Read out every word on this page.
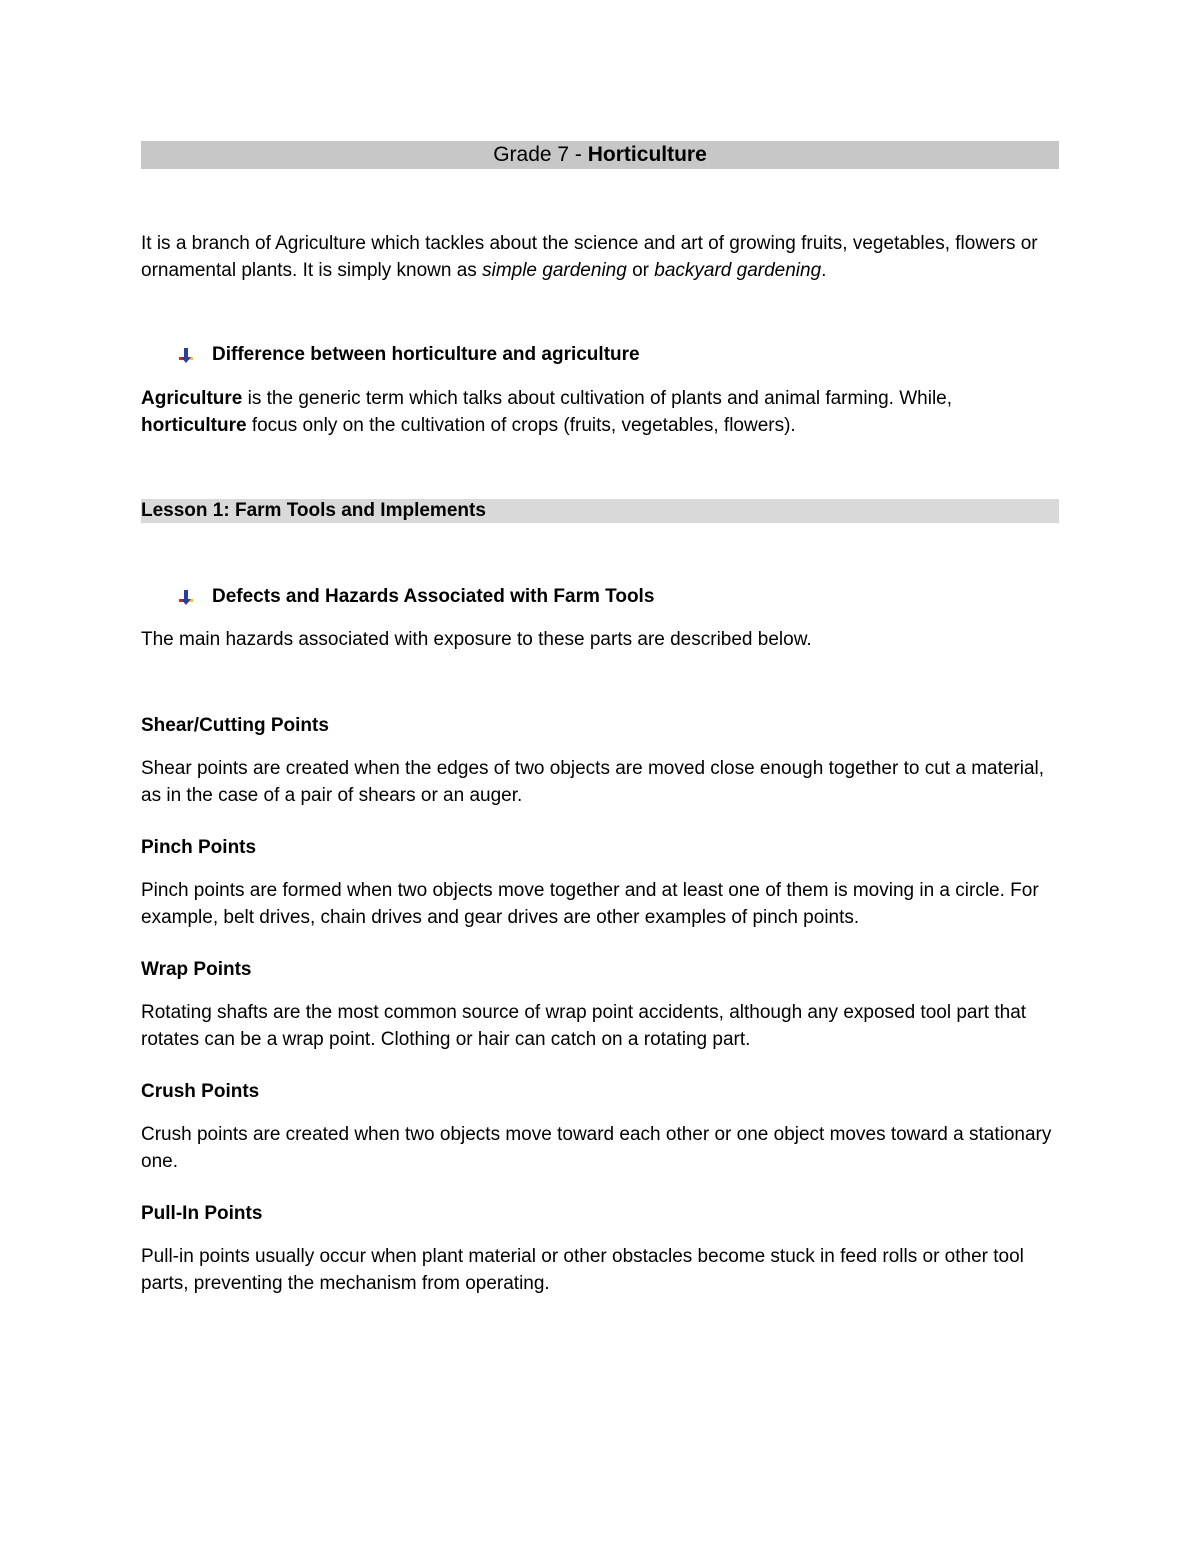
Grade 7 - Horticulture

It is a branch of Agriculture which tackles about the science and art of growing fruits, vegetables, flowers or ornamental plants. It is simply known as simple gardening or backyard gardening.

Difference between horticulture and agriculture

Agriculture is the generic term which talks about cultivation of plants and animal farming. While, horticulture focus only on the cultivation of crops (fruits, vegetables, flowers).

Lesson 1: Farm Tools and Implements
Defects and Hazards Associated with Farm Tools

The main hazards associated with exposure to these parts are described below.

Shear/Cutting Points

Shear points are created when the edges of two objects are moved close enough together to cut a material, as in the case of a pair of shears or an auger.

Pinch Points

Pinch points are formed when two objects move together and at least one of them is moving in a circle. For example, belt drives, chain drives and gear drives are other examples of pinch points.

Wrap Points

Rotating shafts are the most common source of wrap point accidents, although any exposed tool part that rotates can be a wrap point. Clothing or hair can catch on a rotating part.

Crush Points

Crush points are created when two objects move toward each other or one object moves toward a stationary one.

Pull-In Points

Pull-in points usually occur when plant material or other obstacles become stuck in feed rolls or other tool parts, preventing the mechanism from operating.
